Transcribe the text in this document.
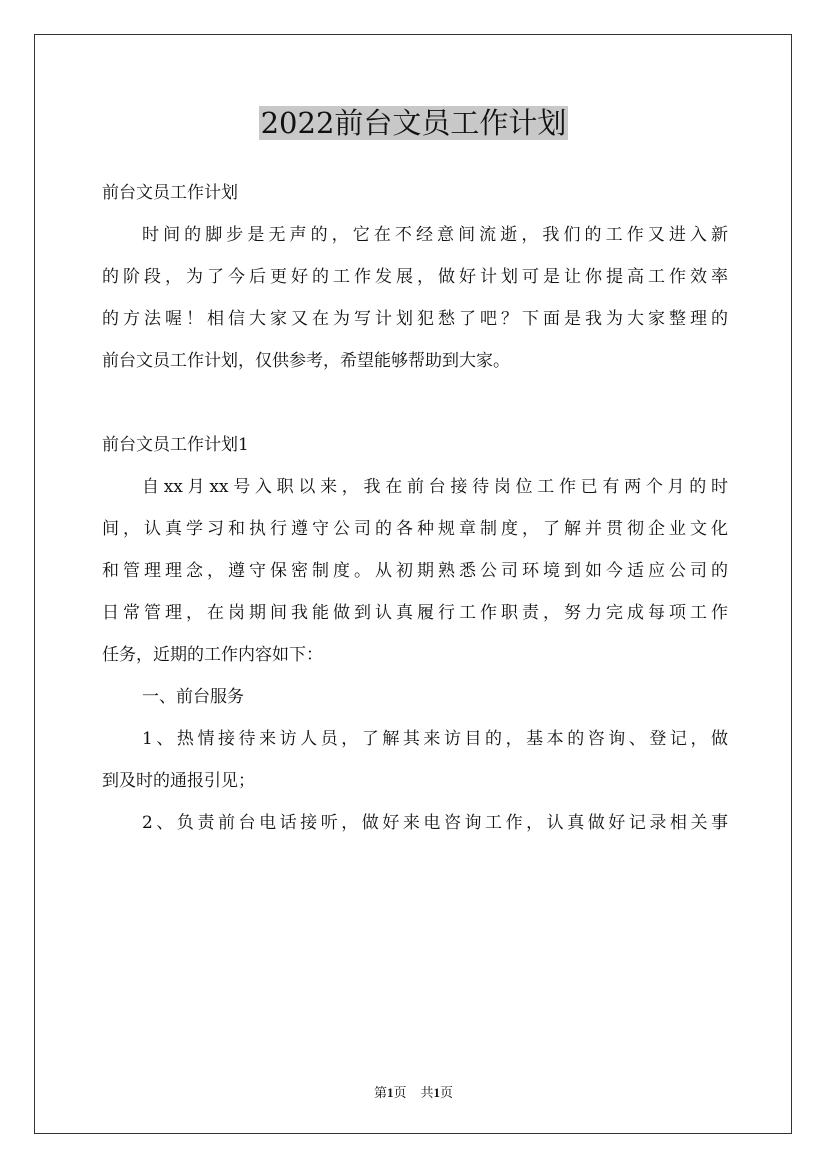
2022前台文员工作计划
前台文员工作计划
时间的脚步是无声的，它在不经意间流逝，我们的工作又进入新
的阶段，为了今后更好的工作发展，做好计划可是让你提高工作效率
的方法喔！相信大家又在为写计划犯愁了吧？下面是我为大家整理的
前台文员工作计划，仅供参考，希望能够帮助到大家。
前台文员工作计划1
自xx月xx号入职以来，我在前台接待岗位工作已有两个月的时
间，认真学习和执行遵守公司的各种规章制度，了解并贯彻企业文化
和管理理念，遵守保密制度。从初期熟悉公司环境到如今适应公司的
日常管理，在岗期间我能做到认真履行工作职责，努力完成每项工作
任务，近期的工作内容如下：
一、前台服务
1、热情接待来访人员，了解其来访目的，基本的咨询、登记，做
到及时的通报引见；
2、负责前台电话接听，做好来电咨询工作，认真做好记录相关事

第1页 共1页
